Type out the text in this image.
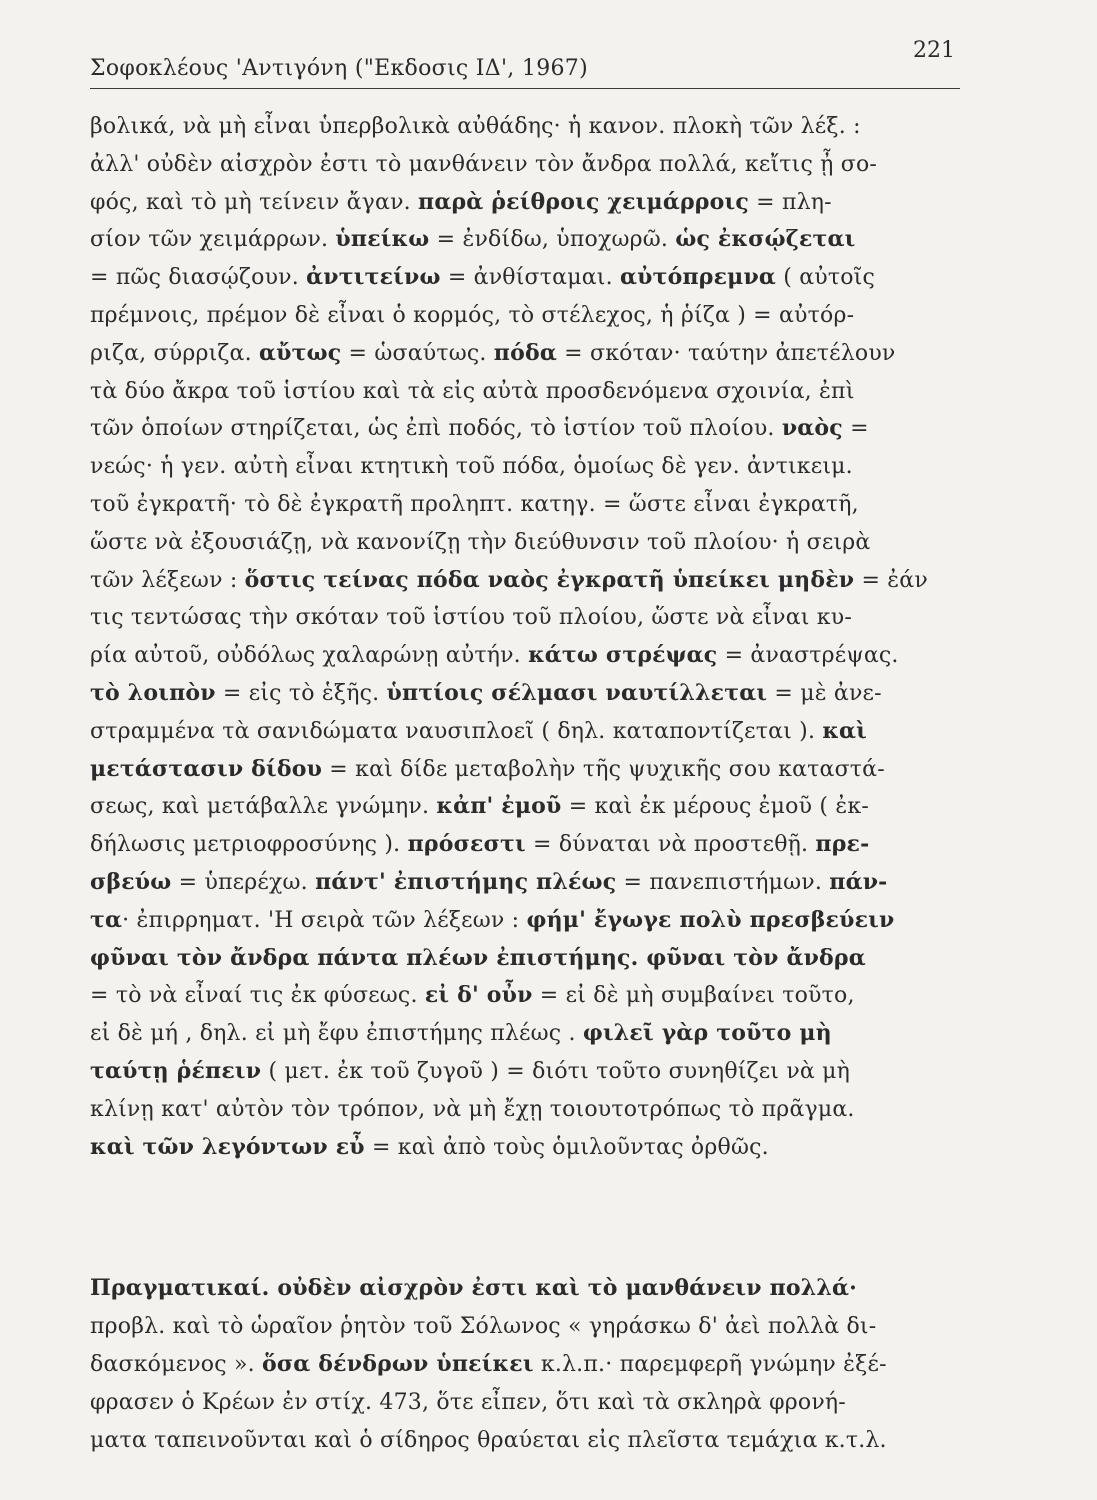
Σοφοκλέους 'Αντιγόνη ("Εκδοσις ΙΔ', 1967)
221
βολικά, νὰ μὴ εἶναι ὑπερβολικὰ αὐθάδης· ἡ κανον. πλοκὴ τῶν λέξ. :
ἀλλ' οὐδὲν αἰσχρὸν ἐστι τὸ μανθάνειν τὸν ἄνδρα πολλά, κεἴτις ᾖ σο-
φός, καὶ τὸ μὴ τείνειν ἄγαν. παρὰ ῥείθροις χειμάρροις = πλη-
σίον τῶν χειμάρρων. ὑπείκω = ἐνδίδω, ὑποχωρῶ. ὡς ἐκσῴζεται
= πῶς διασῴζουν. ἀντιτείνω = ἀνθίσταμαι. αὐτόπρεμνα ( αὐτοῖς
πρέμνοις, πρέμον δὲ εἶναι ὁ κορμός, τὸ στέλεχος, ἡ ῥίζα ) = αὐτόρ-
ριζα, σύρριζα. αὔτως = ὡσαύτως. πόδα = σκόταν· ταύτην ἀπετέλουν
τὰ δύο ἄκρα τοῦ ἱστίου καὶ τὰ εἰς αὐτὰ προσδενόμενα σχοινία, ἐπὶ
τῶν ὁποίων στηρίζεται, ὡς ἐπὶ ποδός, τὸ ἱστίον τοῦ πλοίου. ναὸς =
νεώς· ἡ γεν. αὐτὴ εἶναι κτητικὴ τοῦ πόδα, ὁμοίως δὲ γεν. ἀντικειμ.
τοῦ ἐγκρατῆ· τὸ δὲ ἐγκρατῆ προληπτ. κατηγ. = ὥστε εἶναι ἐγκρατῆ,
ὥστε νὰ ἐξουσιάζῃ, νὰ κανονίζῃ τὴν διεύθυνσιν τοῦ πλοίου· ἡ σειρὰ
τῶν λέξεων : ὅστις τείνας πόδα ναὸς ἐγκρατῆ ὑπείκει μηδὲν = ἐάν
τις τεντώσας τὴν σκόταν τοῦ ἱστίου τοῦ πλοίου, ὥστε νὰ εἶναι κυ-
ρία αὐτοῦ, οὐδόλως χαλαρώνῃ αὐτήν. κάτω στρέψας = ἀναστρέψας.
τὸ λοιπὸν = εἰς τὸ ἑξῆς. ὑπτίοις σέλμασι ναυτίλλεται = μὲ ἀνε-
στραμμένα τὰ σανιδώματα ναυσιπλοεῖ ( δηλ. καταποντίζεται ). καὶ
μετάστασιν δίδου = καὶ δίδε μεταβολὴν τῆς ψυχικῆς σου καταστά-
σεως, καὶ μετάβαλλε γνώμην. κἀπ' ἐμοῦ = καὶ ἐκ μέρους ἐμοῦ ( ἐκ-
δήλωσις μετριοφροσύνης ). πρόσεστι = δύναται νὰ προστεθῇ. πρε-
σβεύω = ὑπερέχω. πάντ' ἐπιστήμης πλέως = πανεπιστήμων. πάν-
τα· ἐπιρρηματ. 'Η σειρὰ τῶν λέξεων : φήμ' ἔγωγε πολὺ πρεσβεύειν
φῦναι τὸν ἄνδρα πάντα πλέων ἐπιστήμης. φῦναι τὸν ἄνδρα
= τὸ νὰ εἶναί τις ἐκ φύσεως. εἰ δ' οὖν = εἰ δὲ μὴ συμβαίνει τοῦτο,
εἰ δὲ μή , δηλ. εἰ μὴ ἔφυ ἐπιστήμης πλέως . φιλεῖ γὰρ τοῦτο μὴ
ταύτῃ ῥέπειν ( μετ. ἐκ τοῦ ζυγοῦ ) = διότι τοῦτο συνηθίζει νὰ μὴ
κλίνῃ κατ' αὐτὸν τὸν τρόπον, νὰ μὴ ἔχῃ τοιουτοτρόπως τὸ πρᾶγμα.
καὶ τῶν λεγόντων εὖ = καὶ ἀπὸ τοὺς ὁμιλοῦντας ὀρθῶς.
Πραγματικαί. οὐδὲν αἰσχρὸν ἐστι καὶ τὸ μανθάνειν πολλά·
προβλ. καὶ τὸ ὡραῖον ῥητὸν τοῦ Σόλωνος « γηράσκω δ' ἀεὶ πολλὰ δι-
δασκόμενος ». ὅσα δένδρων ὑπείκει κ.λ.π.· παρεμφερῆ γνώμην ἐξέ-
φρασεν ὁ Κρέων ἐν στίχ. 473, ὅτε εἶπεν, ὅτι καὶ τὰ σκληρὰ φρονή-
ματα ταπεινοῦνται καὶ ὁ σίδηρος θραύεται εἰς πλεῖστα τεμάχια κ.τ.λ.
